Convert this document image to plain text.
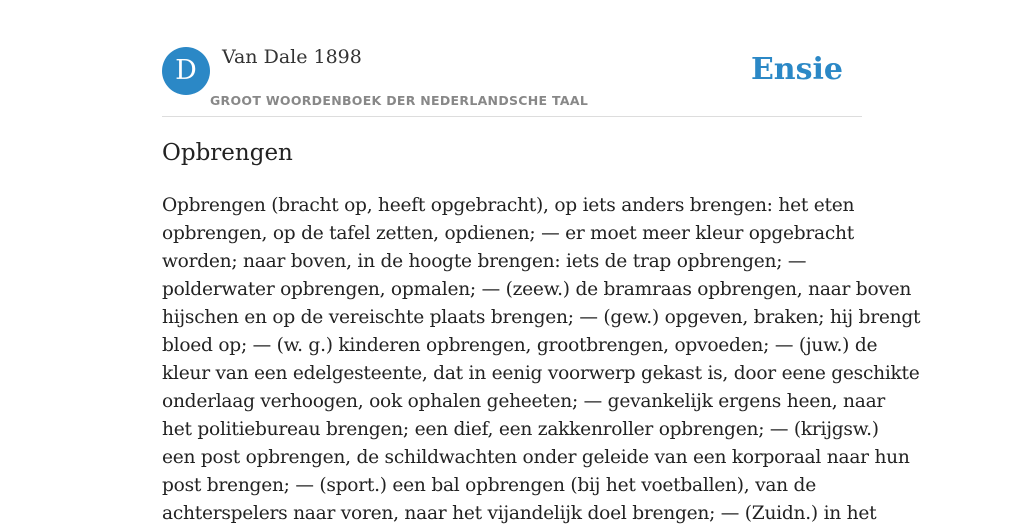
D	Van Dale 1898
GROOT WOORDENBOEK DER NEDERLANDSCHE TAAL
Ensie
Opbrengen

Opbrengen (bracht op, heeft opgebracht), op iets anders brengen: het eten
opbrengen, op de tafel zetten, opdienen; — er moet meer kleur opgebracht
worden; naar boven, in de hoogte brengen: iets de trap opbrengen; —
polderwater opbrengen, opmalen; — (zeew.) de bramraas opbrengen, naar boven
hijschen en op de vereischte plaats brengen; — (gew.) opgeven, braken; hij brengt
bloed op; — (w. g.) kinderen opbrengen, grootbrengen, opvoeden; — (juw.) de
kleur van een edelgesteente, dat in eenig voorwerp gekast is, door eene geschikte
onderlaag verhoogen, ook ophalen geheeten; — gevankelijk ergens heen, naar
het politiebureau brengen; een dief, een zakkenroller opbrengen; — (krijgsw.)
een post opbrengen, de schildwachten onder geleide van een korporaal naar hun
post brengen; — (sport.) een bal opbrengen (bij het voetballen), van de
achterspelers naar voren, naar het vijandelijk doel brengen; — (Zuidn.) in het
